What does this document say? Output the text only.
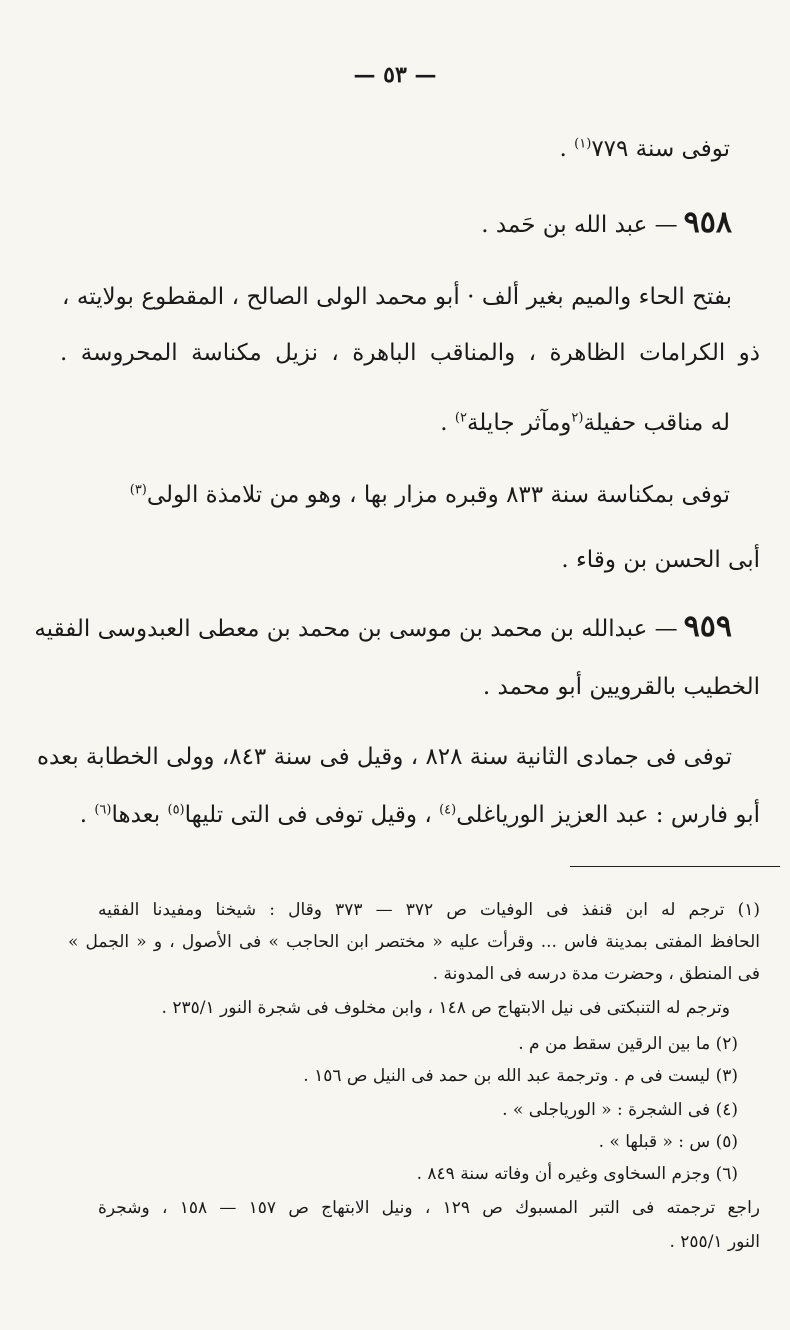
— ٥٣ —
توفى سنة ٧٧٩$^{(١)}$ .
٩٥٨— عبد الله بن حَمد .
بفتح الحاء والميم بغير ألف · أبو محمد الولى الصالح ، المقطوع بولايته ،
ذو الكرامات الظاهرة ، والمناقب الباهرة ، نزيل مكناسة المحروسة .
له مناقب حفيلة$^{(٢}$ومآثر جايلة$^{٢)}$ .
توفى بمكناسة سنة ٨٣٣ وقبره مزار بها ، وهو من تلامذة الولى$^{(٣)}$
أبى الحسن بن وقاء .
٩٥٩— عبدالله بن محمد بن موسى بن محمد بن معطى العبدوسى الفقيه
الخطيب بالقرويين أبو محمد .
توفى فى جمادى الثانية سنة ٨٢٨ ، وقيل فى سنة ٨٤٣، وولى الخطابة بعده
أبو فارس : عبد العزيز الورياغلى$^{(٤)}$ ، وقيل توفى فى التى تليها$^{(٥)}$ بعدها$^{(٦)}$ .
(١) ترجم له ابن قنفذ فى الوفيات ص ٣٧٢ — ٣٧٣ وقال : شيخنا ومفيدنا الفقيه
الحافظ المفتى بمدينة فاس ... وقرأت عليه « مختصر ابن الحاجب » فى الأصول ، و « الجمل »
فى المنطق ، وحضرت مدة درسه فى المدونة .
وترجم له التنبكتى فى نيل الابتهاج ص ١٤٨ ، وابن مخلوف فى شجرة النور ٢٣٥/١ .
(٢) ما بين الرقين سقط من م .
(٣) ليست فى م . وترجمة عبد الله بن حمد فى النيل ص ١٥٦ .
(٤) فى الشجرة : « الورياجلى » .
(٥) س : « قبلها » .
(٦) وجزم السخاوى وغيره أن وفاته سنة ٨٤٩ .
راجع ترجمته فى التبر المسبوك ص ١٢٩ ، ونيل الابتهاج ص ١٥٧ — ١٥٨ ، وشجرة
النور ٢٥٥/١ .
